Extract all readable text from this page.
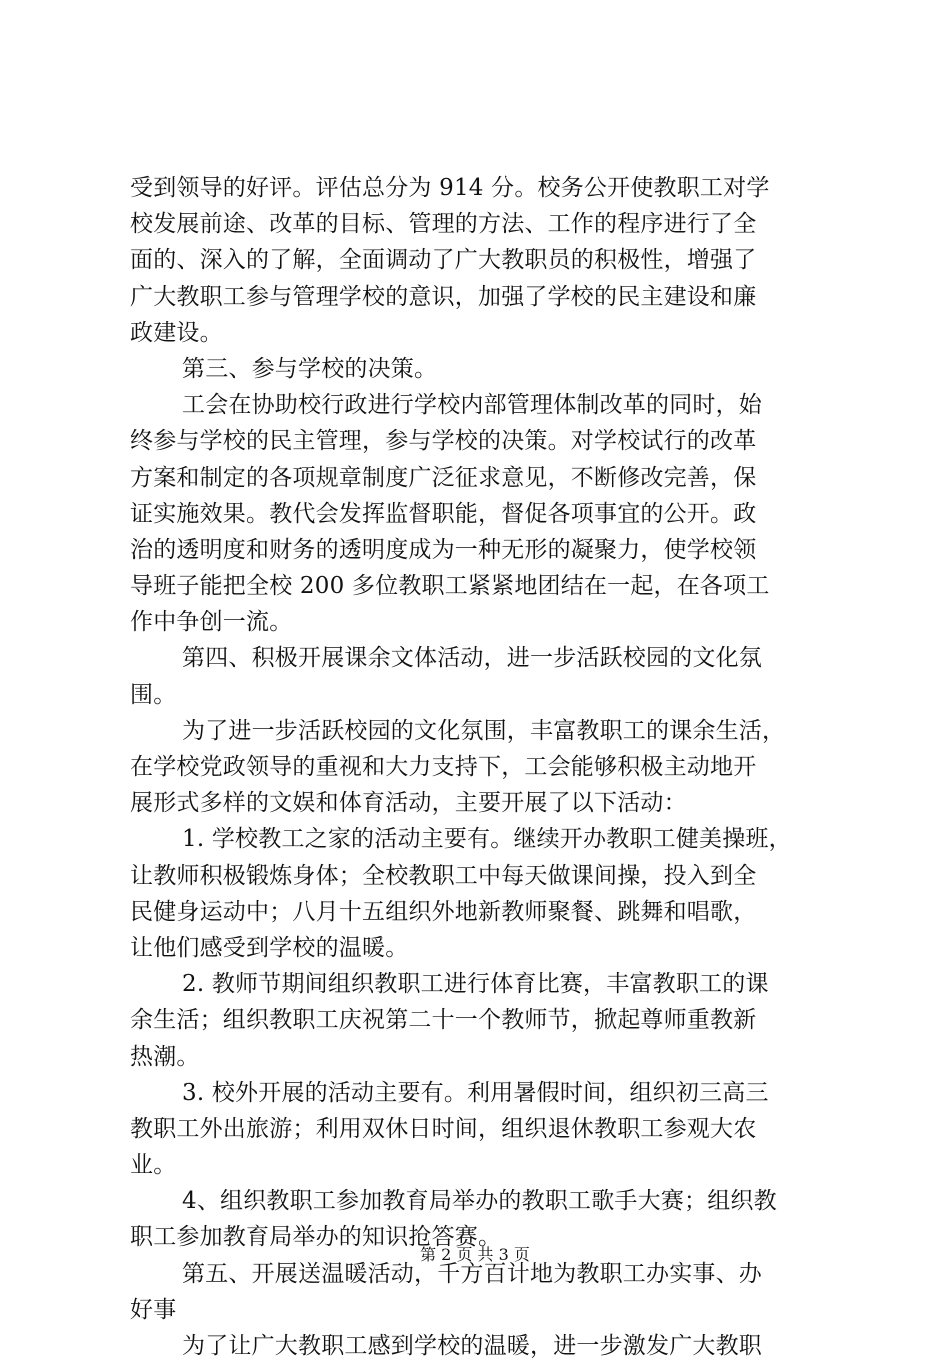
受到领导的好评。评估总分为 914 分。校务公开使教职工对学
校发展前途、改革的目标、管理的方法、工作的程序进行了全
面的、深入的了解，全面调动了广大教职员的积极性，增强了
广大教职工参与管理学校的意识，加强了学校的民主建设和廉
政建设。
第三、参与学校的决策。
工会在协助校行政进行学校内部管理体制改革的同时，始
终参与学校的民主管理，参与学校的决策。对学校试行的改革
方案和制定的各项规章制度广泛征求意见，不断修改完善，保
证实施效果。教代会发挥监督职能，督促各项事宜的公开。政
治的透明度和财务的透明度成为一种无形的凝聚力，使学校领
导班子能把全校 200 多位教职工紧紧地团结在一起，在各项工
作中争创一流。
第四、积极开展课余文体活动，进一步活跃校园的文化氛
围。
为了进一步活跃校园的文化氛围，丰富教职工的课余生活，
在学校党政领导的重视和大力支持下，工会能够积极主动地开
展形式多样的文娱和体育活动，主要开展了以下活动：
1. 学校教工之家的活动主要有。继续开办教职工健美操班，
让教师积极锻炼身体；全校教职工中每天做课间操，投入到全
民健身运动中；八月十五组织外地新教师聚餐、跳舞和唱歌，
让他们感受到学校的温暖。
2. 教师节期间组织教职工进行体育比赛，丰富教职工的课
余生活；组织教职工庆祝第二十一个教师节，掀起尊师重教新
热潮。
3. 校外开展的活动主要有。利用暑假时间，组织初三高三
教职工外出旅游；利用双休日时间，组织退休教职工参观大农
业。
4、组织教职工参加教育局举办的教职工歌手大赛；组织教
职工参加教育局举办的知识抢答赛。
第五、开展送温暖活动，千方百计地为教职工办实事、办
好事
为了让广大教职工感到学校的温暖，进一步激发广大教职
第 2 页 共 3 页
